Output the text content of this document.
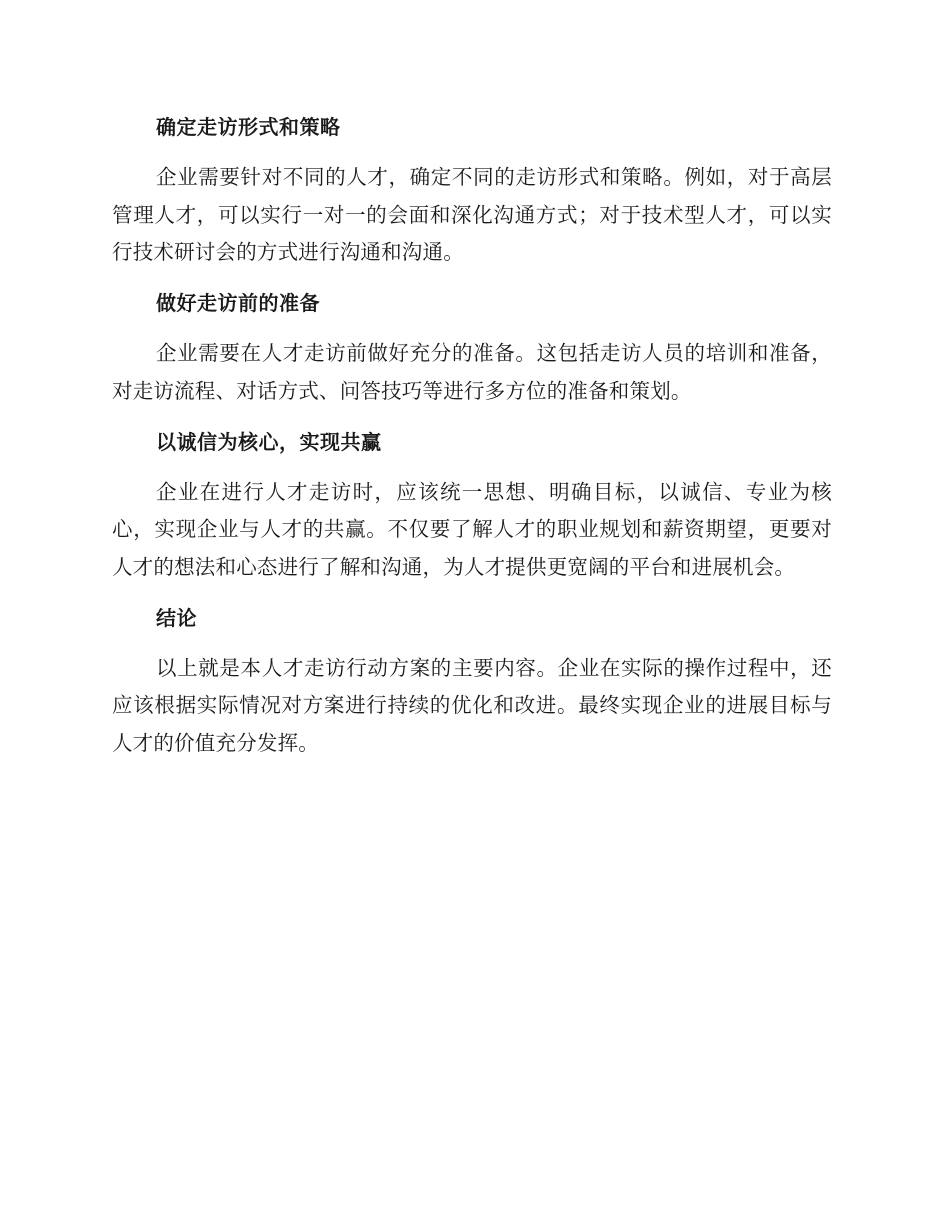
确定走访形式和策略

企业需要针对不同的人才，确定不同的走访形式和策略。例如，对于高层管理人才，可以实行一对一的会面和深化沟通方式；对于技术型人才，可以实行技术研讨会的方式进行沟通和沟通。

做好走访前的准备

企业需要在人才走访前做好充分的准备。这包括走访人员的培训和准备，对走访流程、对话方式、问答技巧等进行多方位的准备和策划。

以诚信为核心，实现共赢

企业在进行人才走访时，应该统一思想、明确目标，以诚信、专业为核心，实现企业与人才的共赢。不仅要了解人才的职业规划和薪资期望，更要对人才的想法和心态进行了解和沟通，为人才提供更宽阔的平台和进展机会。

结论

以上就是本人才走访行动方案的主要内容。企业在实际的操作过程中，还应该根据实际情况对方案进行持续的优化和改进。最终实现企业的进展目标与人才的价值充分发挥。
